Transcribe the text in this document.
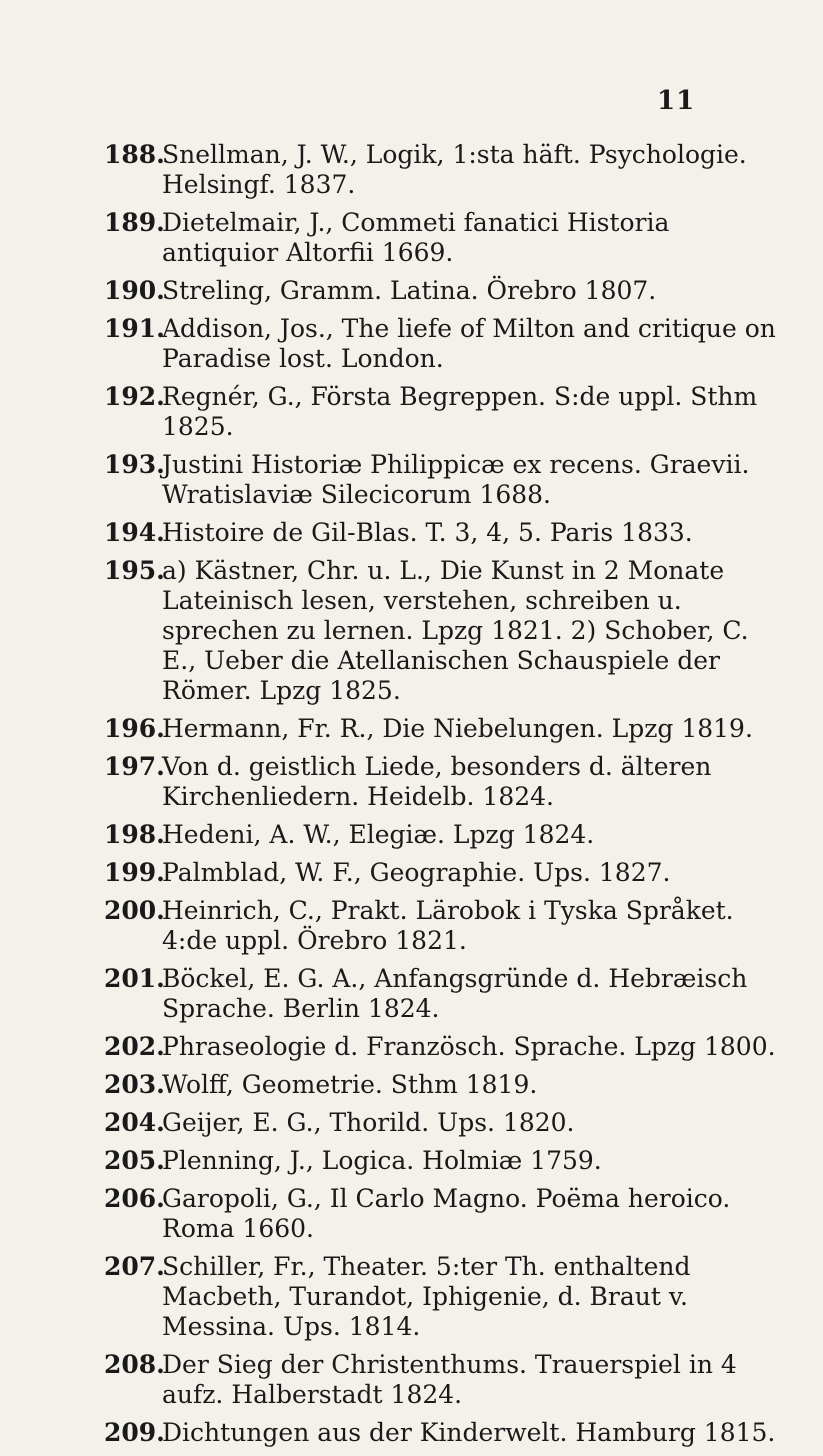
11
188.
Snellman, J. W., Logik, 1:sta häft. Psychologie. Helsingf. 1837.
189.
Dietelmair, J., Commeti fanatici Historia antiquior Altorfii 1669.
190.
Streling, Gramm. Latina. Örebro 1807.
191.
Addison, Jos., The liefe of Milton and critique on Paradise lost. London.
192.
Regnér, G., Första Begreppen. S:de uppl. Sthm 1825.
193.
Justini Historiæ Philippicæ ex recens. Graevii. Wratislaviæ Silecicorum 1688.
194.
Histoire de Gil-Blas. T. 3, 4, 5. Paris 1833.
195.
a) Kästner, Chr. u. L., Die Kunst in 2 Monate Lateinisch lesen, verstehen, schreiben u. sprechen zu lernen. Lpzg 1821. 2) Schober, C. E., Ueber die Atellanischen Schauspiele der Römer. Lpzg 1825.
196.
Hermann, Fr. R., Die Niebelungen. Lpzg 1819.
197.
Von d. geistlich Liede, besonders d. älteren Kirchenliedern. Heidelb. 1824.
198.
Hedeni, A. W., Elegiæ. Lpzg 1824.
199.
Palmblad, W. F., Geographie. Ups. 1827.
200.
Heinrich, C., Prakt. Lärobok i Tyska Språket. 4:de uppl. Örebro 1821.
201.
Böckel, E. G. A., Anfangsgründe d. Hebræisch Sprache. Berlin 1824.
202.
Phraseologie d. Französch. Sprache. Lpzg 1800.
203.
Wolff, Geometrie. Sthm 1819.
204.
Geijer, E. G., Thorild. Ups. 1820.
205.
Plenning, J., Logica. Holmiæ 1759.
206.
Garopoli, G., Il Carlo Magno. Poëma heroico. Roma 1660.
207.
Schiller, Fr., Theater. 5:ter Th. enthaltend Macbeth, Turandot, Iphigenie, d. Braut v. Messina. Ups. 1814.
208.
Der Sieg der Christenthums. Trauerspiel in 4 aufz. Halberstadt 1824.
209.
Dichtungen aus der Kinderwelt. Hamburg 1815.
